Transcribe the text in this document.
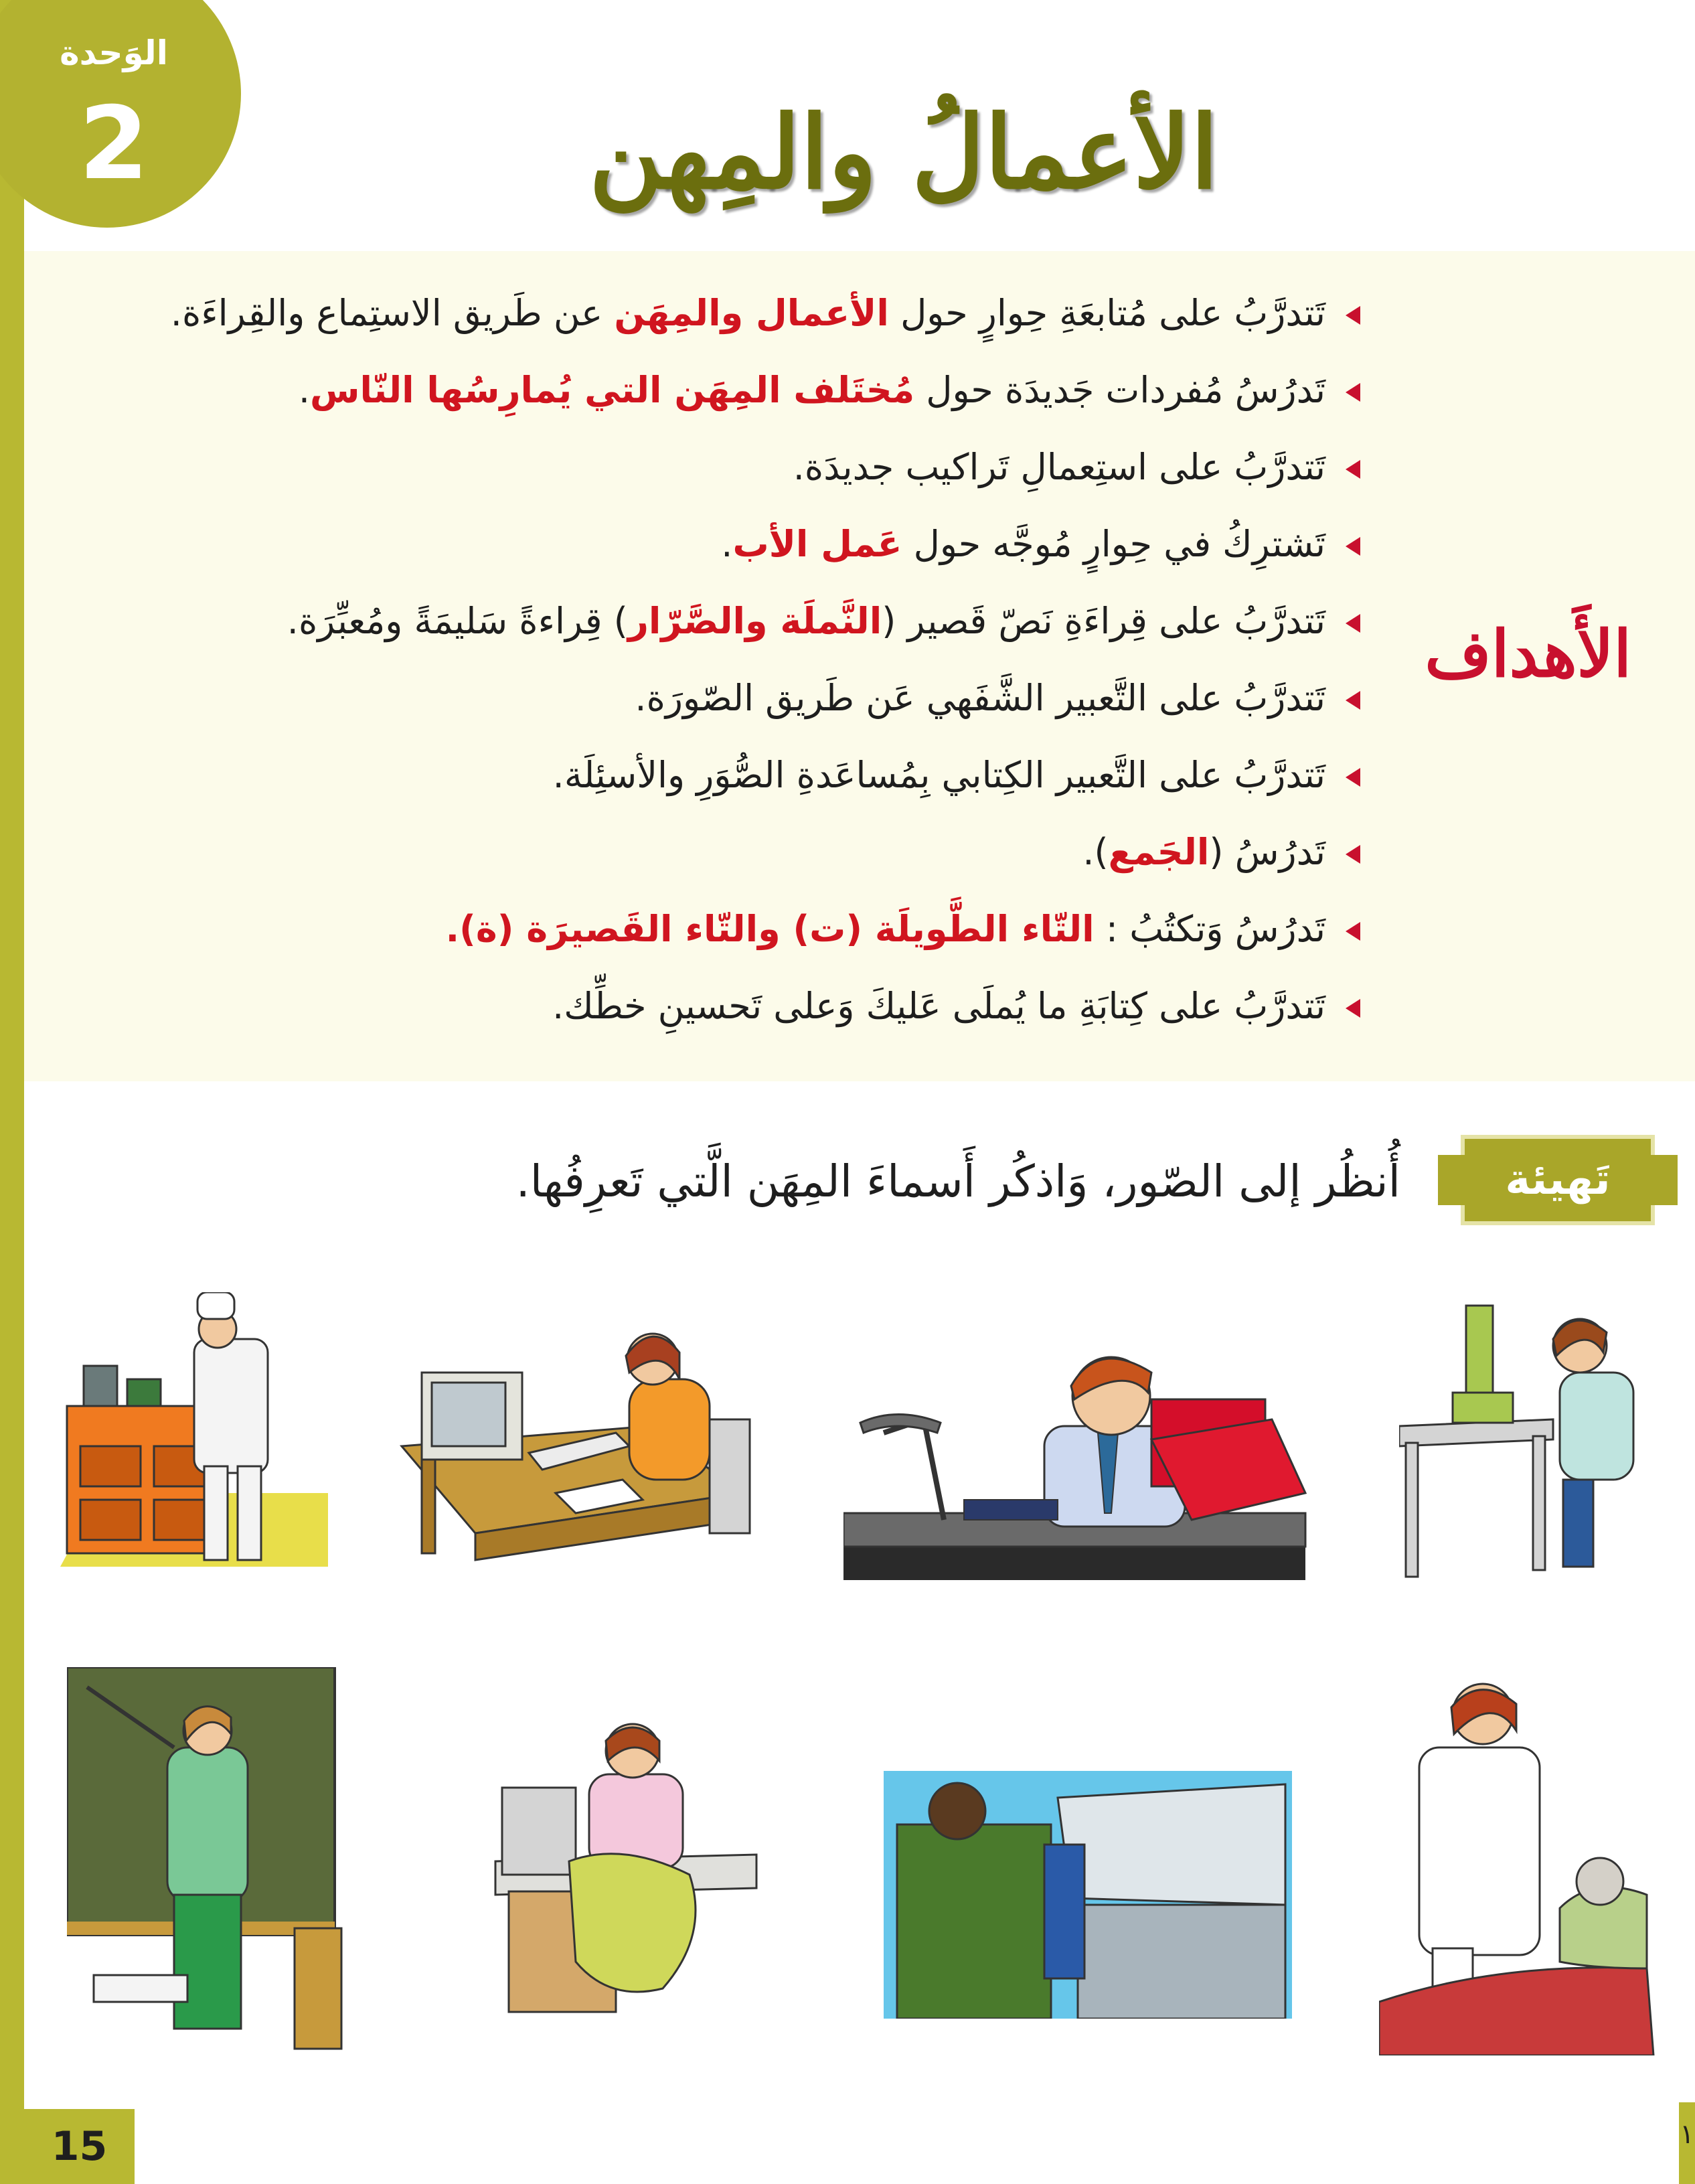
الوَحدة
2	الأعمالُ والمِهن
الأَهداف
تَتدرَّبُ على مُتابعَةِ حِوارٍ حول الأعمال والمِهَن عن طَريق الاستِماع والقِراءَة.
تَدرُسُ مُفردات جَديدَة حول مُختَلف المِهَن التي يُمارِسُها النّاس.
تَتدرَّبُ على استِعمالِ تَراكيب جديدَة.
تَشترِكُ في حِوارٍ مُوجَّه حول عَمل الأب.
تَتدرَّبُ على قِراءَةِ نَصّ قَصير (النَّملَة والصَّرّار) قِراءةً سَليمَةً ومُعبِّرَة.
تَتدرَّبُ على التَّعبير الشَّفَهي عَن طَريق الصّورَة.
تَتدرَّبُ على التَّعبير الكِتابي بِمُساعَدةِ الصُّوَرِ والأسئِلَة.
تَدرُسُ (الجَمع).
تَدرُسُ وَتكتُبُ : التّاء الطَّويلَة (ت) والتّاء القَصيرَة (ة).
تَتدرَّبُ على كِتابَةِ ما يُملَى عَليكَ وَعلى تَحسينِ خطِّك.
تَهيئة
أُنظُر إلى الصّور، وَاذكُر أَسماءَ المِهَن الَّتي تَعرِفُها.
15	١
